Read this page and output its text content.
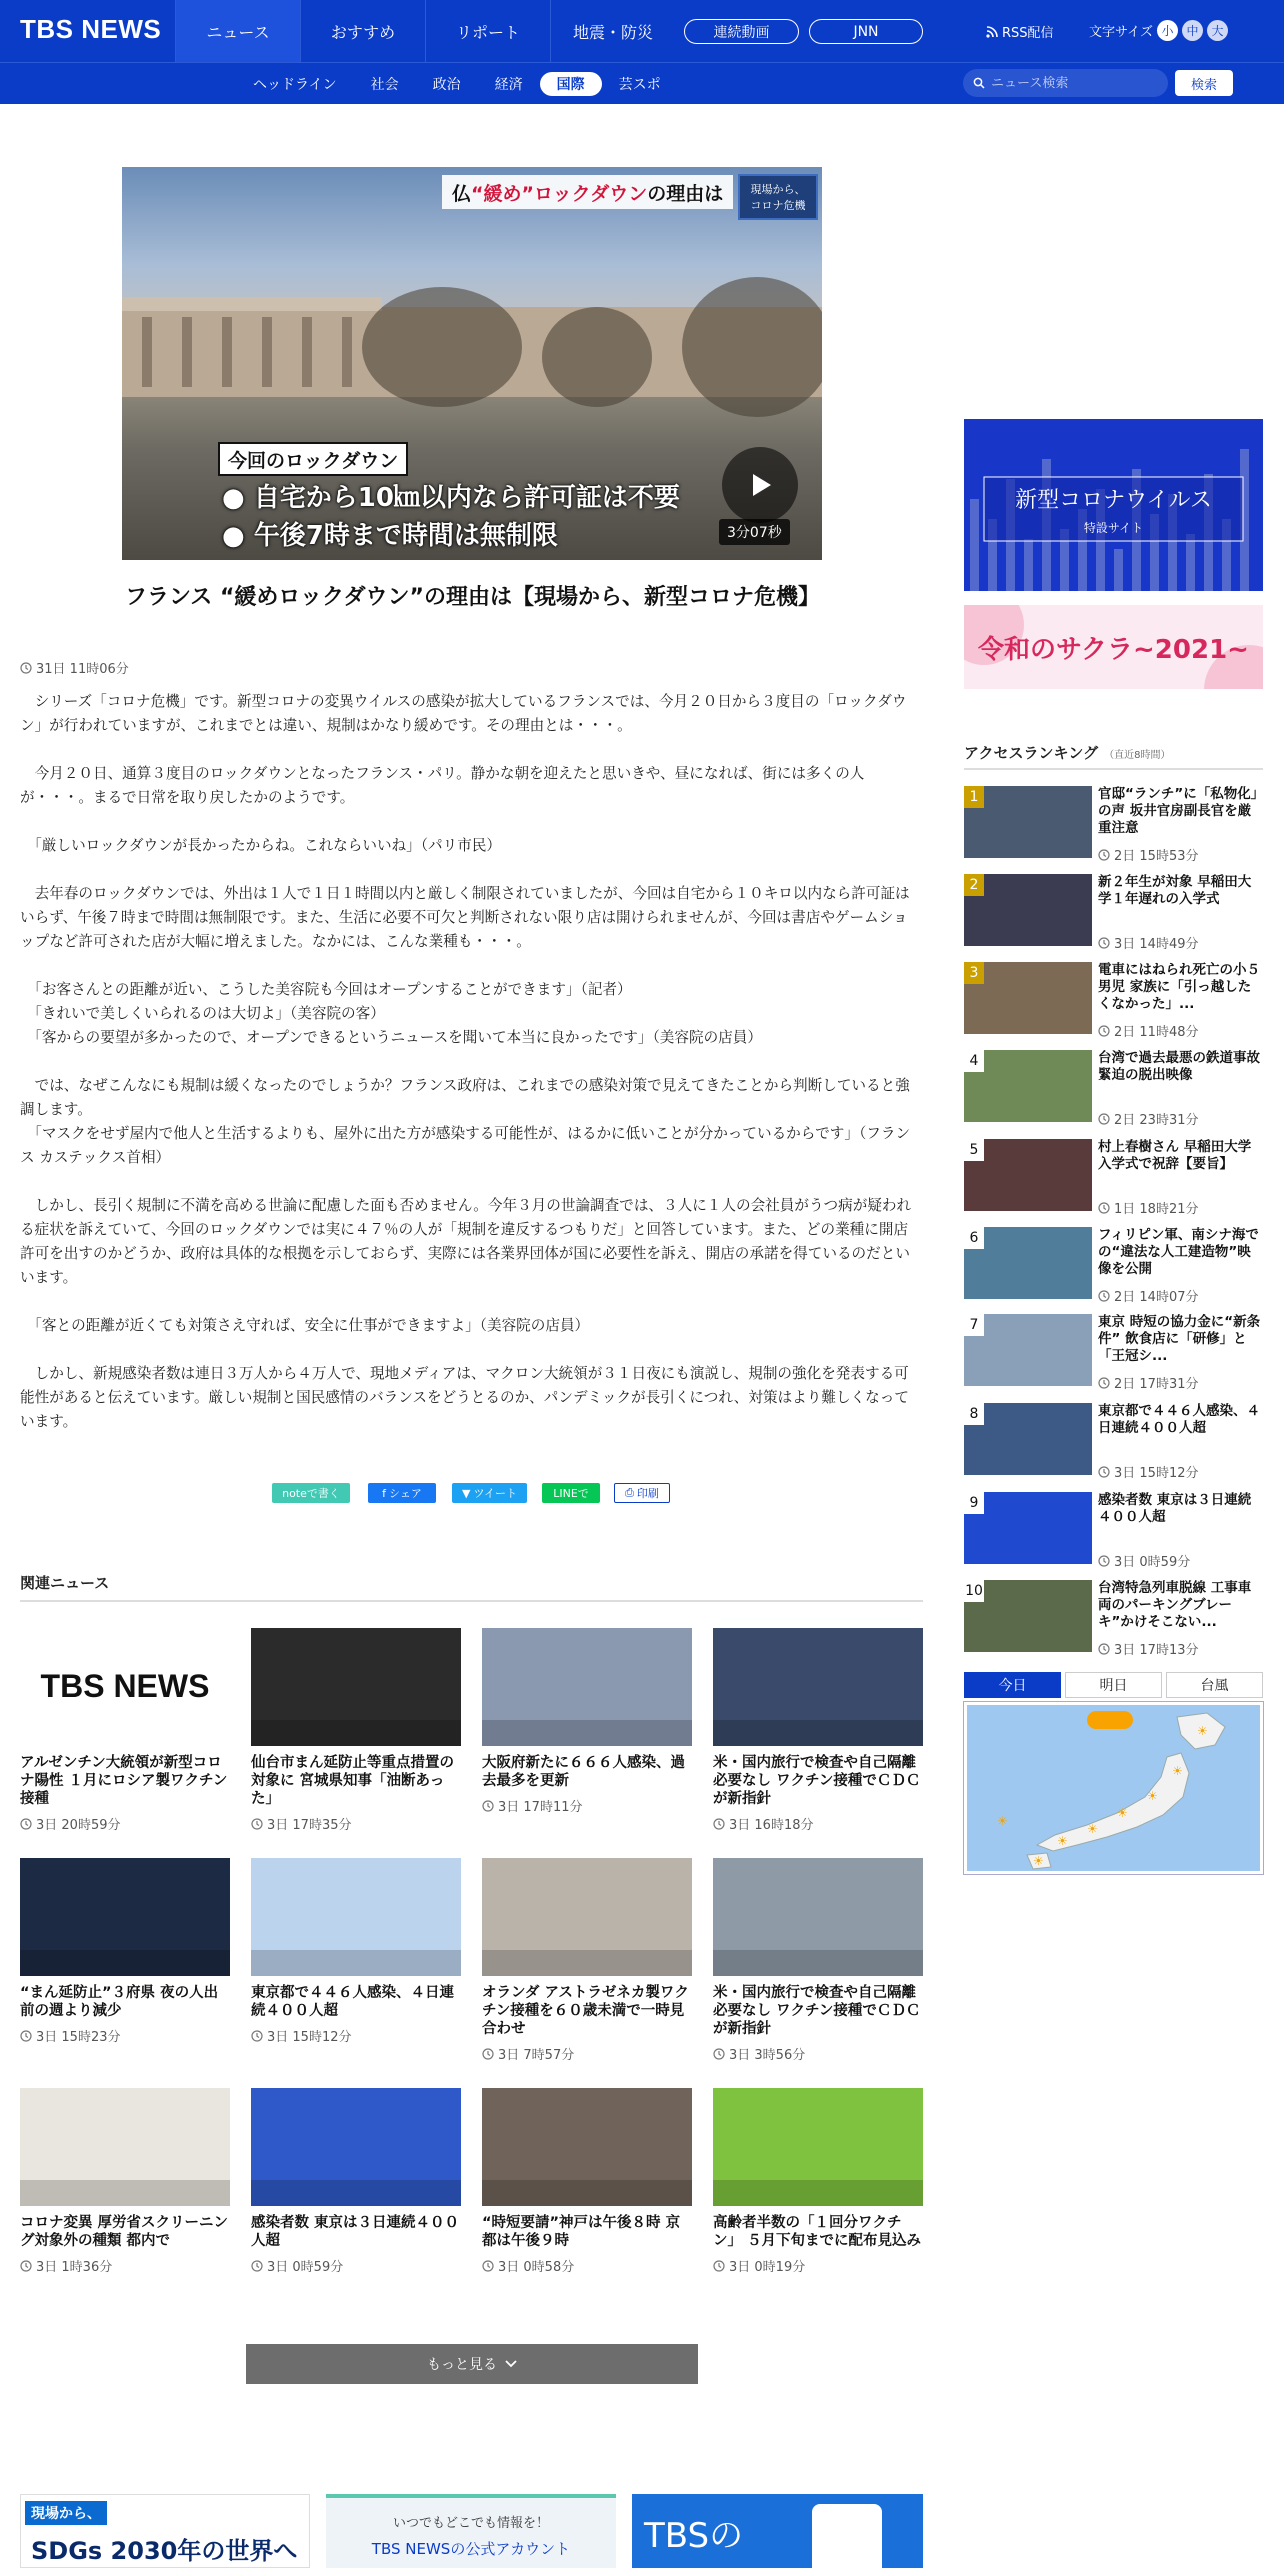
TBS NEWS	ニュース	おすすめ	リポート	地震・防災	連続動画	JNN	RSS配信	文字サイズ 小	中	大
ヘッドライン	社会	政治	経済	国際	芸スポ
ニュース検索	検索
仏 “緩め”ロックダウン の理由は 現場から、
コロナ危機
今回のロックダウン
● 自宅から10㎞以内なら許可証は不要
● 午後7時まで時間は無制限	3分07秒
フランス “緩めロックダウン”の理由は【現場から、新型コロナ危機】
31日 11時06分

　シリーズ「コロナ危機」です。新型コロナの変異ウイルスの感染が拡大しているフランスでは、今月２０日から３度目の「ロックダウン」が行われていますが、これまでとは違い、規制はかなり緩めです。その理由とは・・・。

　今月２０日、通算３度目のロックダウンとなったフランス・パリ。静かな朝を迎えたと思いきや、昼になれば、街には多くの人が・・・。まるで日常を取り戻したかのようです。

　「厳しいロックダウンが長かったからね。これならいいね」（パリ市民）

　去年春のロックダウンでは、外出は１人で１日１時間以内と厳しく制限されていましたが、今回は自宅から１０キロ以内なら許可証はいらず、午後７時まで時間は無制限です。また、生活に必要不可欠と判断されない限り店は開けられませんが、今回は書店やゲームショップなど許可された店が大幅に増えました。なかには、こんな業種も・・・。

　「お客さんとの距離が近い、こうした美容院も今回はオープンすることができます」（記者）
　「きれいで美しくいられるのは大切よ」（美容院の客）
　「客からの要望が多かったので、オープンできるというニュースを聞いて本当に良かったです」（美容院の店員）

　では、なぜこんなにも規制は緩くなったのでしょうか？フランス政府は、これまでの感染対策で見えてきたことから判断していると強調します。
　「マスクをせず屋内で他人と生活するよりも、屋外に出た方が感染する可能性が、はるかに低いことが分かっているからです」（フランス カステックス首相）

　しかし、長引く規制に不満を高める世論に配慮した面も否めません。今年３月の世論調査では、３人に１人の会社員がうつ病が疑われる症状を訴えていて、今回のロックダウンでは実に４７％の人が「規制を違反するつもりだ」と回答しています。また、どの業種に開店許可を出すのかどうか、政府は具体的な根拠を示しておらず、実際には各業界団体が国に必要性を訴え、開店の承諾を得ているのだといいます。

　「客との距離が近くても対策さえ守れば、安全に仕事ができますよ」（美容院の店員）

　しかし、新規感染者数は連日３万人から４万人で、現地メディアは、マクロン大統領が３１日夜にも演説し、規制の強化を発表する可能性があると伝えています。厳しい規制と国民感情のバランスをどうとるのか、パンデミックが長引くにつれ、対策はより難しくなっています。

noteで書く	f シェア	▼ ツイート	LINEで	⎙ 印刷
関連ニュース
TBS NEWS
アルゼンチン大統領が新型コロナ陽性 １月にロシア製ワクチン接種
3日 20時59分
仙台市まん延防止等重点措置の対象に 宮城県知事「油断あった」
3日 17時35分
大阪府新たに６６６人感染、過去最多を更新
3日 17時11分
米・国内旅行で検査や自己隔離必要なし ワクチン接種でＣＤＣが新指針
3日 16時18分
“まん延防止”３府県 夜の人出前の週より減少
3日 15時23分
東京都で４４６人感染、４日連続４００人超
3日 15時12分
オランダ アストラゼネカ製ワクチン接種を６０歳未満で一時見合わせ
3日 7時57分
米・国内旅行で検査や自己隔離必要なし ワクチン接種でＣＤＣが新指針
3日 3時56分
コロナ変異 厚労省スクリーニング対象外の種類 都内で
3日 1時36分
感染者数 東京は３日連続４００人超
3日 0時59分
“時短要請”神戸は午後８時 京都は午後９時
3日 0時58分
高齢者半数の「１回分ワクチン」 ５月下旬までに配布見込み
3日 0時19分
もっと見る
現場から、
SDGs 2030年の世界へ
いつでもどこでも情報を！
TBS NEWSの公式アカウント	TBSの
新型コロナウイルス
特設サイト
令和のサクラ~2021~
アクセスランキング （直近8時間）
1	官邸“ランチ”に「私物化」の声 坂井官房副長官を厳重注意
2日 15時53分
2	新２年生が対象 早稲田大学１年遅れの入学式
3日 14時49分
3	電車にはねられ死亡の小５男児 家族に「引っ越したくなかった」...
2日 11時48分
4	台湾で過去最悪の鉄道事故 緊迫の脱出映像
2日 23時31分
5	村上春樹さん 早稲田大学入学式で祝辞【要旨】
1日 18時21分
6	フィリピン軍、南シナ海での“違法な人工建造物”映像を公開
2日 14時07分
7	東京 時短の協力金に“新条件” 飲食店に「研修」と「王冠シ...
2日 17時31分
8	東京都で４４６人感染、４日連続４００人超
3日 15時12分
9	感染者数 東京は３日連続４００人超
3日 0時59分
10	台湾特急列車脱線 工事車両のパーキングブレーキ”かけそこない...
3日 17時13分
今日	明日	台風
☀
☀
☀
☀
☀
☀
☀
☀
